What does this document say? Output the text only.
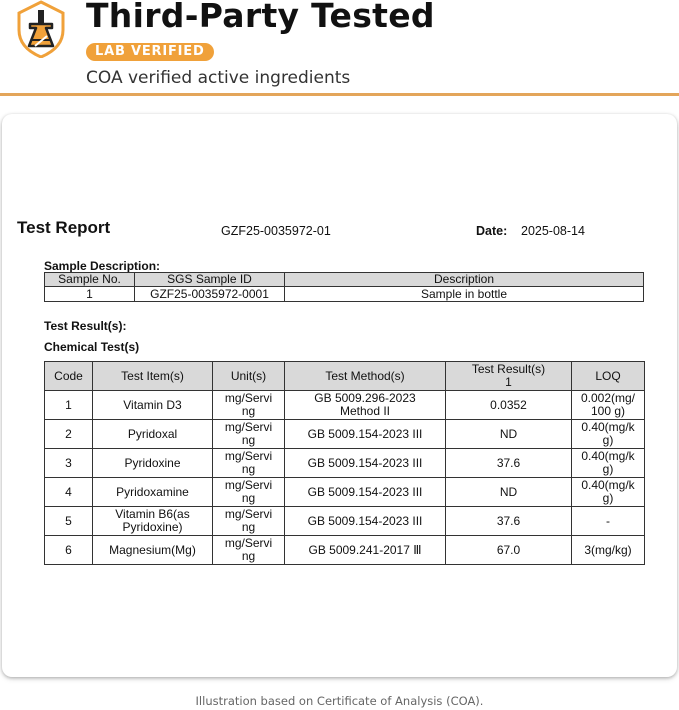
Third-Party Tested
LAB VERIFIED
COA verified active ingredients
Test Report	GZF25-0035972-01	Date: 2025-08-14
Sample Description:
Sample No.	SGS Sample ID	Description
1	GZF25-0035972-0001	Sample in bottle
Test Result(s):
Chemical Test(s)
Code	Test Item(s)	Unit(s)	Test Method(s)	Test Result(s) 1	LOQ

1	Vitamin D3	mg/Serving	GB 5009.296-2023 Method II	0.0352	0.002(mg/100 g)

2	Pyridoxal	mg/Serving	GB 5009.154-2023 III	ND	0.40(mg/kg)

3	Pyridoxine	mg/Serving	GB 5009.154-2023 III	37.6	0.40(mg/kg)

4	Pyridoxamine	mg/Serving	GB 5009.154-2023 III	ND	0.40(mg/kg)

5	Vitamin B6(as Pyridoxine)	mg/Serving	GB 5009.154-2023 III	37.6	-

6	Magnesium(Mg)	mg/Serving	GB 5009.241-2017 Ⅲ	67.0	3(mg/kg)
Illustration based on Certificate of Analysis (COA).
